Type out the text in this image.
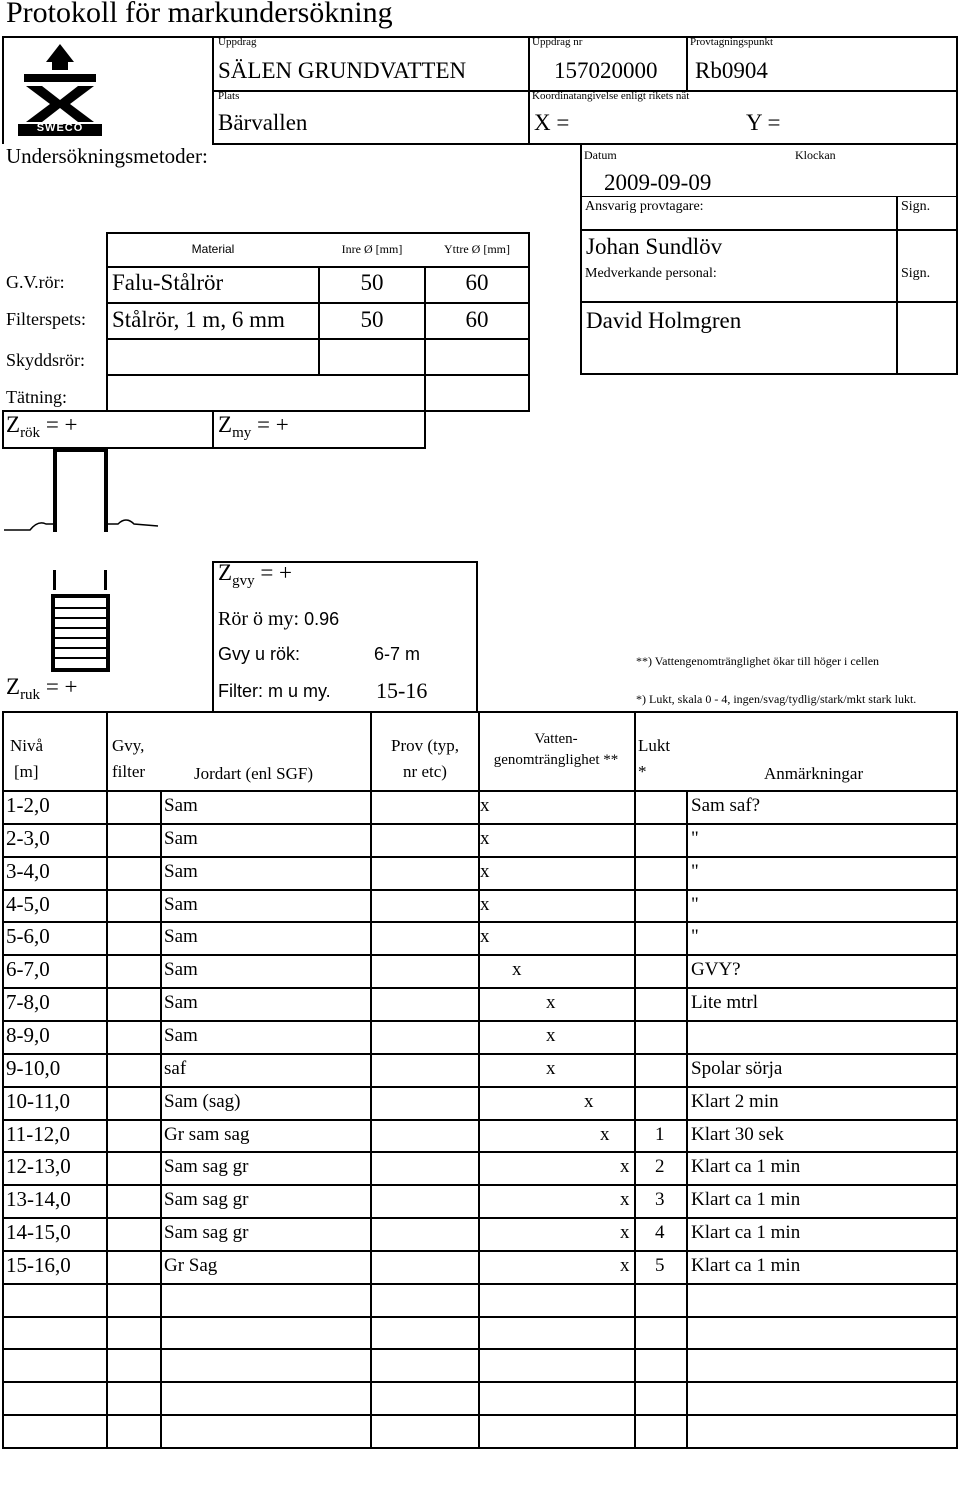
Protokoll för markundersökning
SWECO
Uppdrag
SÄLEN GRUNDVATTEN
Uppdrag nr
157020000
Provtagningspunkt
Rb0904
Plats
Bärvallen
Koordinatangivelse enligt rikets nät
X =	Y =
Undersökningsmetoder:	Datum	Klockan
2009-09-09
Ansvarig provtagare:	Sign.
Johan Sundlöv
Medverkande personal:	Sign.
David Holmgren
Material	Inre Ø [mm]	Yttre Ø [mm]
G.V.rör: Falu-Stålrör	50	60
Filterspets: Stålrör, 1 m, 6 mm	50	60
Skyddsrör:
Tätning:
$Z_{rök}$ = +	$Z_{my}$ = +
$Z_{gvy}$ = +
Rör ö my: 0.96
Gvy u rök:	6-7 m
Filter: m u my. 15-16
$Z_{ruk}$ = +
**) Vattengenomtränglighet ökar till höger i cellen
*) Lukt, skala 0 - 4, ingen/svag/tydlig/stark/mkt stark lukt.
Nivå
[m]
Gvy,
filter	Jordart (enl SGF)
Prov (typ,
nr etc)
Vatten-
genomtränglighet **
Lukt
*	Anmärkningar
1-2,0	Sam	x	Sam saf?
2-3,0	Sam	x	"
3-4,0	Sam	x	"
4-5,0	Sam	x	"
5-6,0	Sam	x	"
6-7,0	Sam	x	GVY?
7-8,0	Sam	x	Lite mtrl
8-9,0	Sam	x
9-10,0	saf	x	Spolar sörja
10-11,0	Sam (sag)	x	Klart 2 min
11-12,0	Gr sam sag	x 1 Klart 30 sek
12-13,0	Sam sag gr	x 2 Klart ca 1 min
13-14,0	Sam sag gr	x 3 Klart ca 1 min
14-15,0	Sam sag gr	x 4 Klart ca 1 min
15-16,0	Gr Sag	x 5 Klart ca 1 min
